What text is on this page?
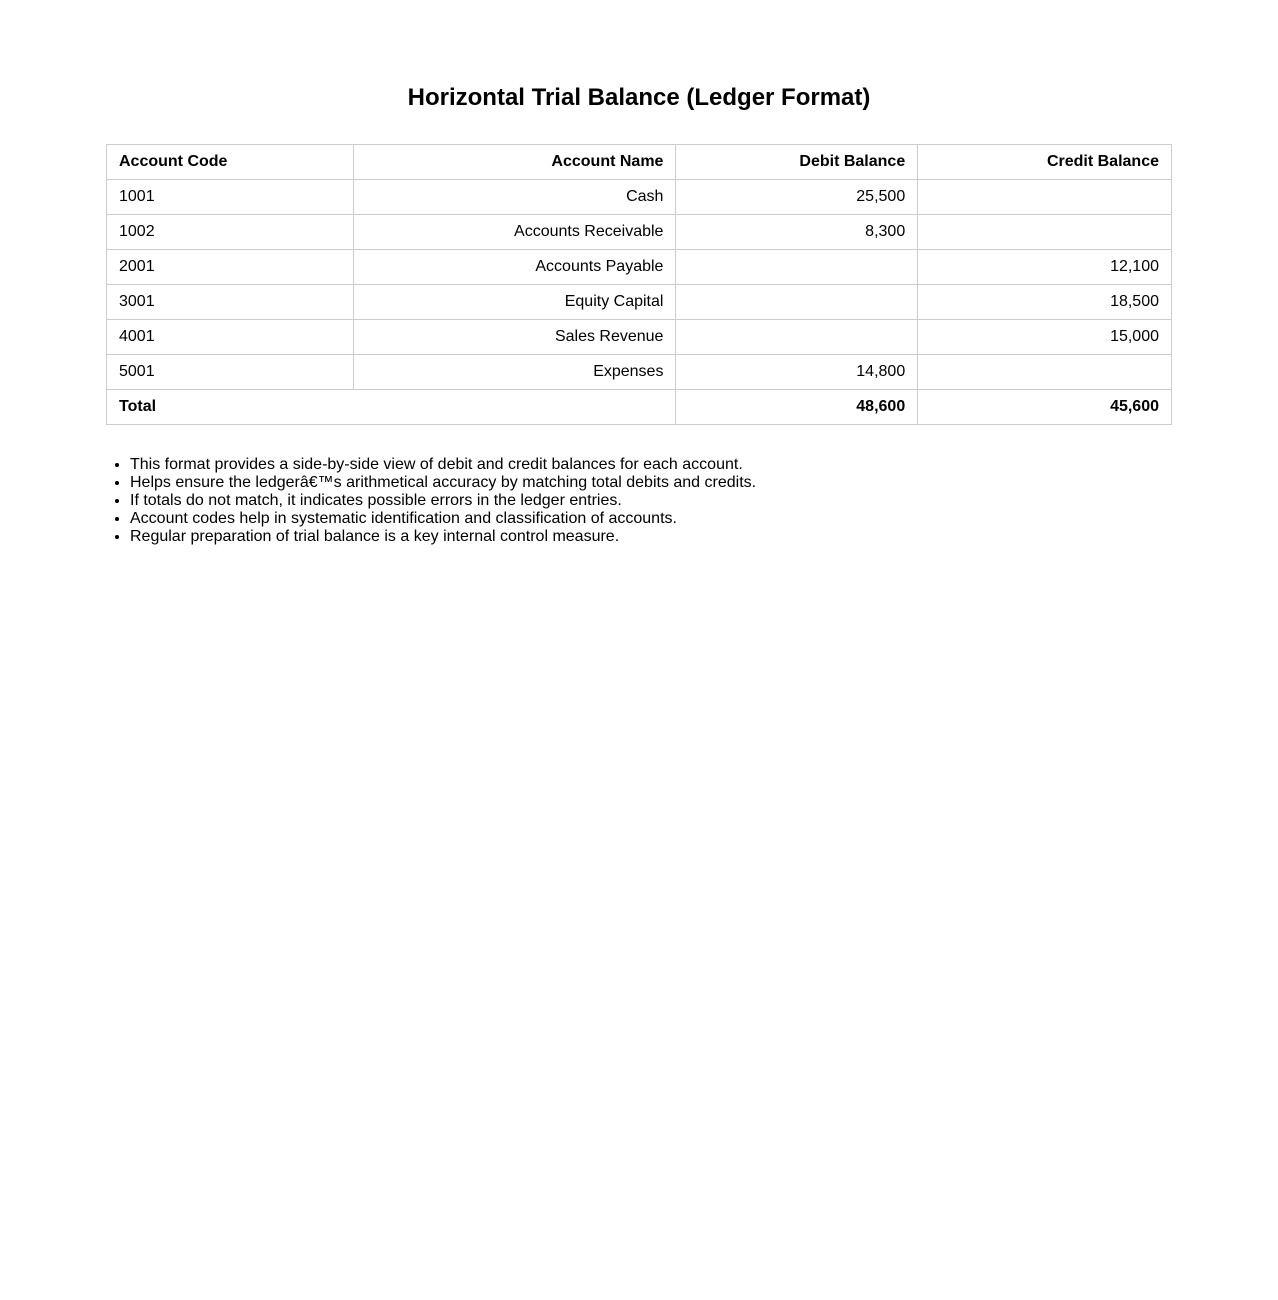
Horizontal Trial Balance (Ledger Format)
Account Code	Account Name	Debit Balance	Credit Balance
1001	Cash	25,500	
1002	Accounts Receivable	8,300	
2001	Accounts Payable		12,100
3001	Equity Capital		18,500
4001	Sales Revenue		15,000
5001	Expenses	14,800	
Total		48,600	45,600
• This format provides a side-by-side view of debit and credit balances for each account.
• Helps ensure the ledgerâ€™s arithmetical accuracy by matching total debits and credits.
• If totals do not match, it indicates possible errors in the ledger entries.
• Account codes help in systematic identification and classification of accounts.
• Regular preparation of trial balance is a key internal control measure.
